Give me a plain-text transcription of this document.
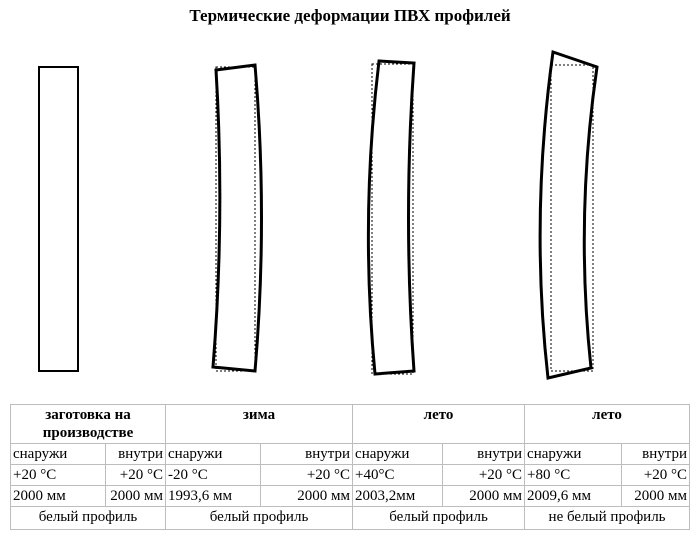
Термические деформации ПВХ профилей
заготовка на производстве		зима		лето		лето	
снаружи	внутри	снаружи	внутри	снаружи	внутри	снаружи	внутри
+20 °С	+20 °С	-20 °С	+20 °С	+40°С	+20 °С	+80 °С	+20 °С
2000 мм	2000 мм	1993,6 мм	2000 мм	2003,2мм	2000 мм	2009,6 мм	2000 мм
белый профиль		белый профиль		белый профиль		не белый профиль	
